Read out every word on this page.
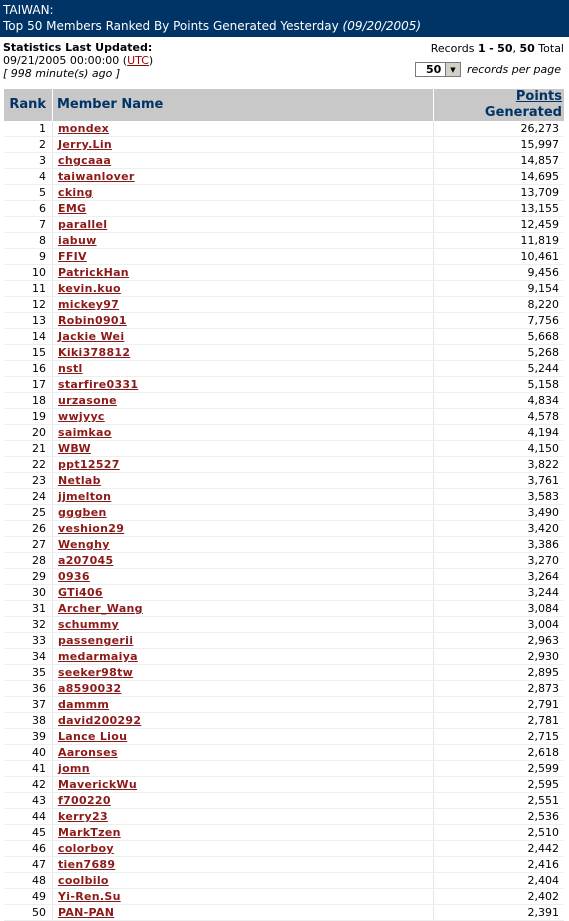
TAIWAN:
Top 50 Members Ranked By Points Generated Yesterday (09/20/2005)
Statistics Last Updated:
09/21/2005 00:00:00 (UTC)
[ 998 minute(s) ago ]
Records 1 - 50, 50 Total
50	▼	records per page
Rank	Member Name	Points Generated
1	mondex	26,273
2	Jerry.Lin	15,997
3	chgcaaa	14,857
4	taiwanlover	14,695
5	cking	13,709
6	EMG	13,155
7	parallel	12,459
8	iabuw	11,819
9	FFIV	10,461
10	PatrickHan	9,456
11	kevin.kuo	9,154
12	mickey97	8,220
13	Robin0901	7,756
14	Jackie Wei	5,668
15	Kiki378812	5,268
16	nstl	5,244
17	starfire0331	5,158
18	urzasone	4,834
19	wwjyyc	4,578
20	saimkao	4,194
21	WBW	4,150
22	ppt12527	3,822
23	Netlab	3,761
24	jjmelton	3,583
25	gggben	3,490
26	veshion29	3,420
27	Wenghy	3,386
28	a207045	3,270
29	0936	3,264
30	GTi406	3,244
31	Archer_Wang	3,084
32	schummy	3,004
33	passengerii	2,963
34	medarmaiya	2,930
35	seeker98tw	2,895
36	a8590032	2,873
37	dammm	2,791
38	david200292	2,781
39	Lance Liou	2,715
40	Aaronses	2,618
41	jomn	2,599
42	MaverickWu	2,595
43	f700220	2,551
44	kerry23	2,536
45	MarkTzen	2,510
46	colorboy	2,442
47	tien7689	2,416
48	coolbilo	2,404
49	Yi-Ren.Su	2,402
50	PAN-PAN	2,391
